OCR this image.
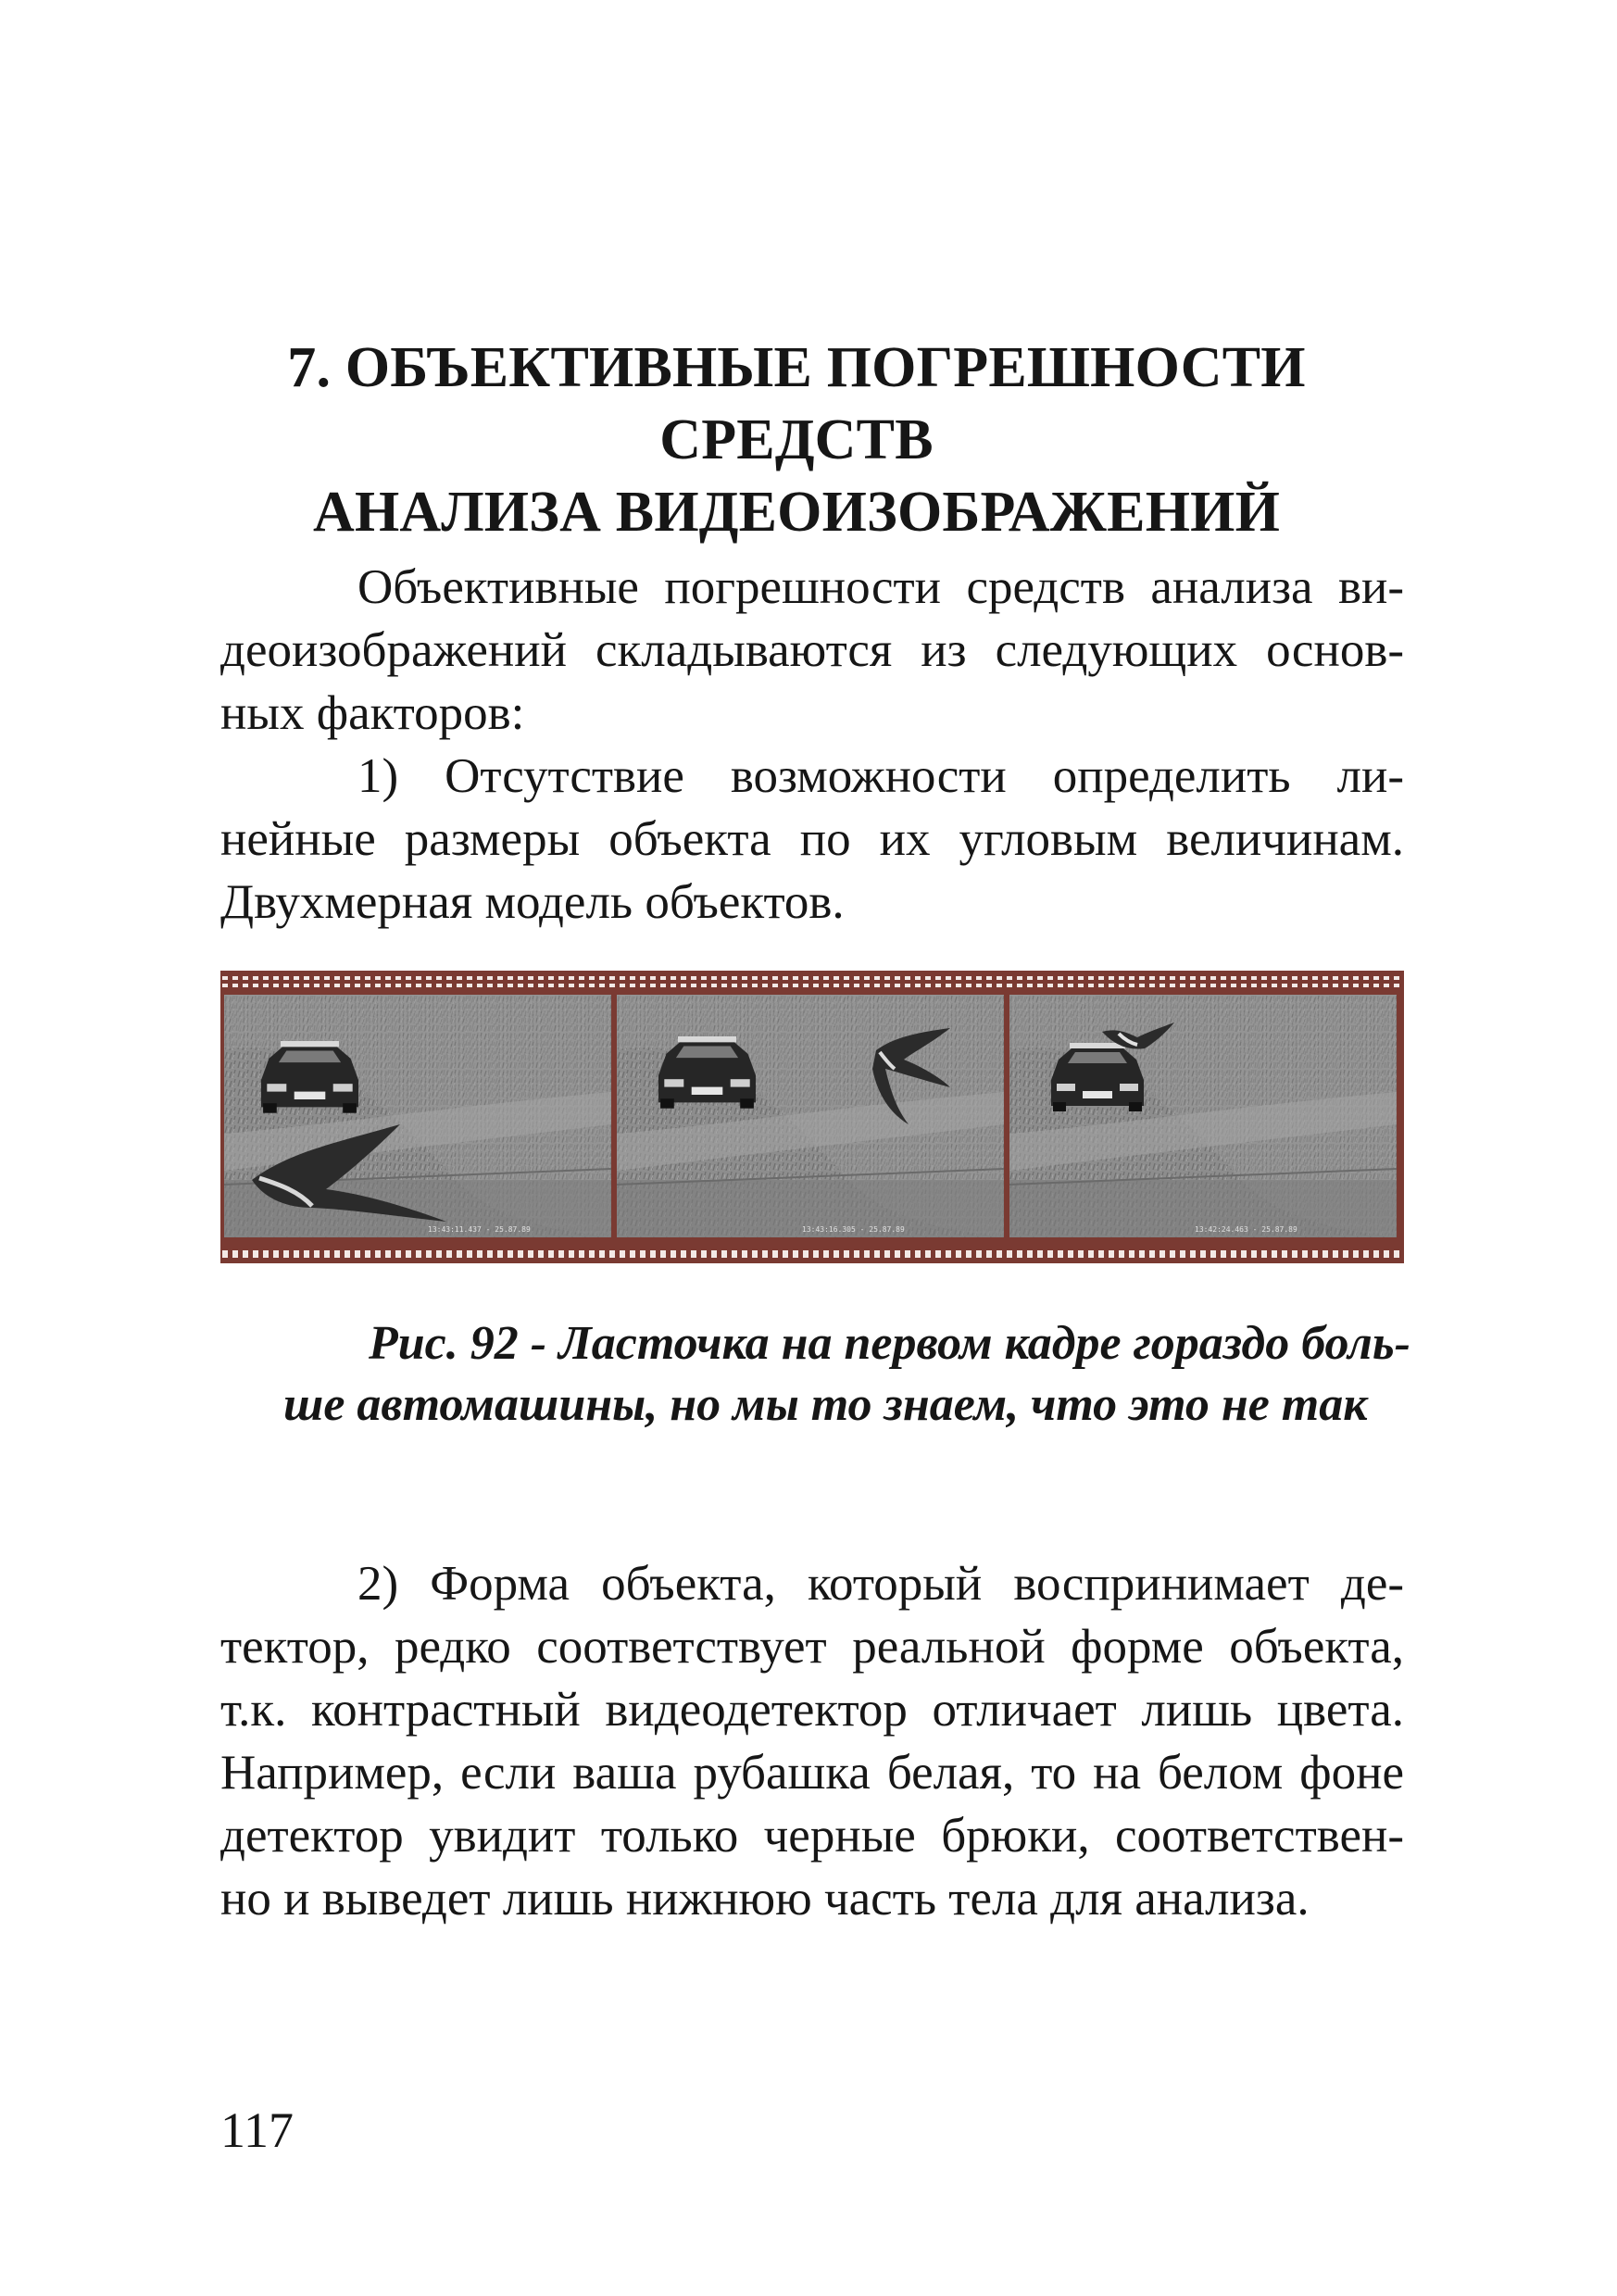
7. ОБЪЕКТИВНЫЕ ПОГРЕШНОСТИ СРЕДСТВ
АНАЛИЗА ВИДЕОИЗОБРАЖЕНИЙ
Объективные погрешности средств анализа ви-
деоизображений складываются из следующих основ-
ных факторов:
1) Отсутствие возможности определить ли-
нейные размеры объекта по их угловым величинам.
Двухмерная модель объектов.
13:43:11.437 - 25.87.89	13:43:16.305 - 25.87.89	13:42:24.463 - 25.87.89
Рис. 92 - Ласточка на первом кадре гораздо боль-
ше автомашины, но мы то знаем, что это не так
2) Форма объекта, который воспринимает де-
тектор, редко соответствует реальной форме объекта,
т.к. контрастный видеодетектор отличает лишь цвета.
Например, если ваша рубашка белая, то на белом фоне
детектор увидит только черные брюки, соответствен-
но и выведет лишь нижнюю часть тела для анализа.
117
